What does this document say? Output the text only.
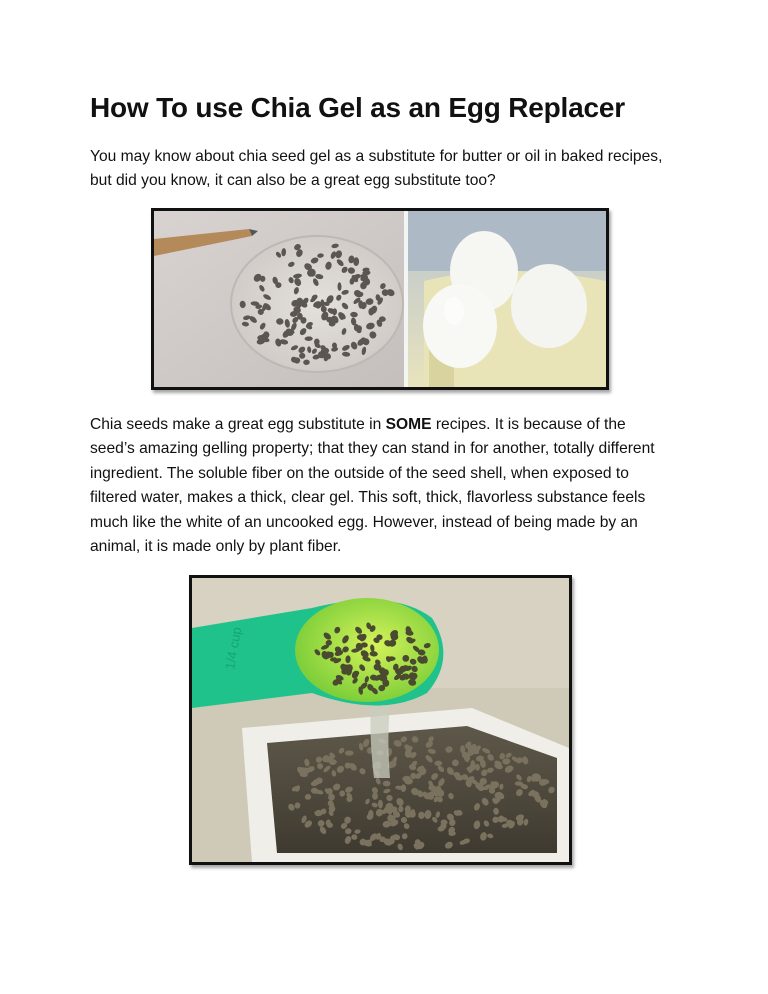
How To use Chia Gel as an Egg Replacer

You may know about chia seed gel as a substitute for butter or oil in baked recipes, but did you know, it can also be a great egg substitute too?

Chia seeds make a great egg substitute in SOME recipes. It is because of the seed’s amazing gelling property; that they can stand in for another, totally different ingredient. The soluble fiber on the outside of the seed shell, when exposed to filtered water, makes a thick, clear gel. This soft, thick, flavorless substance feels much like the white of an uncooked egg. However, instead of being made by an animal, it is made only by plant fiber.

1/4 cup
